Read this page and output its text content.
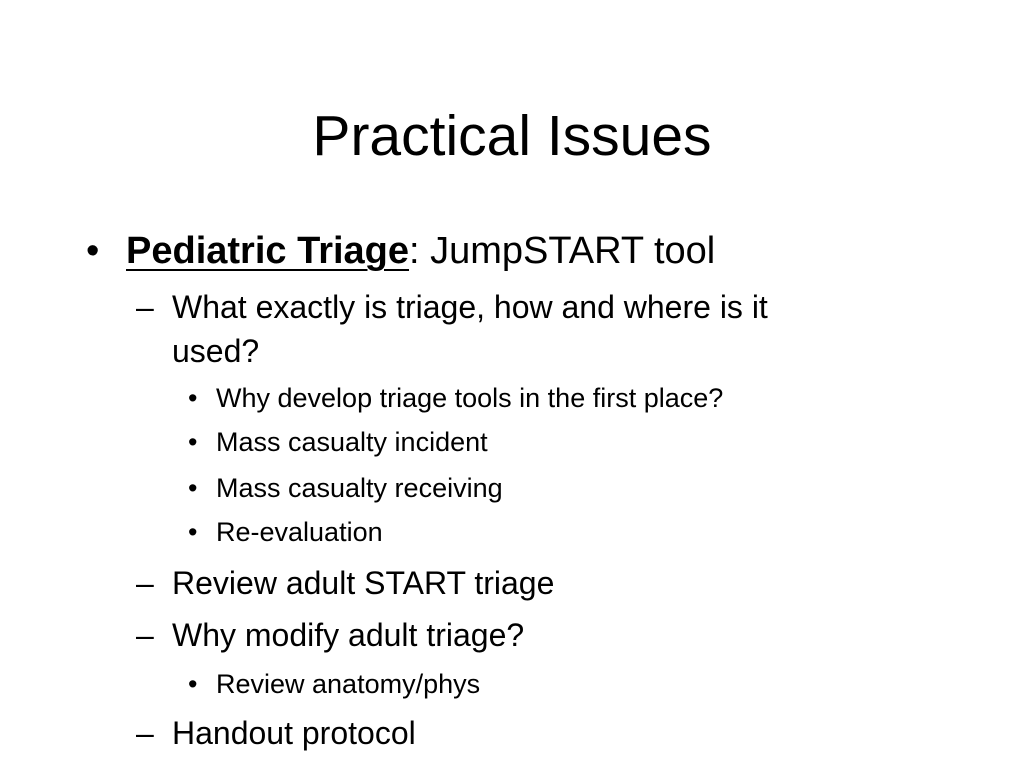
Practical Issues
• Pediatric Triage: JumpSTART tool
– What exactly is triage, how and where is it
used?
• Why develop triage tools in the first place?
• Mass casualty incident
• Mass casualty receiving
• Re-evaluation
– Review adult START triage
– Why modify adult triage?
• Review anatomy/phys
– Handout protocol
